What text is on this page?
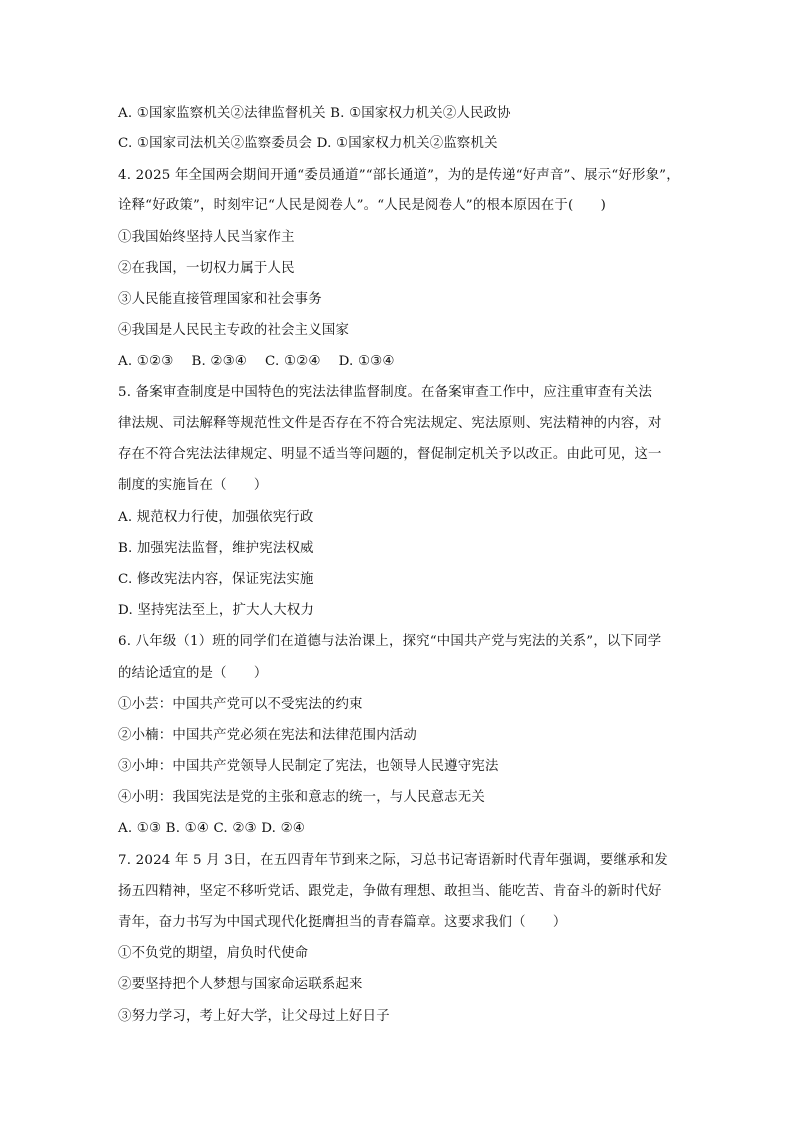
A. ①国家监察机关②法律监督机关 B. ①国家权力机关②人民政协
C. ①国家司法机关②监察委员会 D. ①国家权力机关②监察机关
4. 2025 年全国两会期间开通“委员通道”“部长通道”，为的是传递“好声音”、展示“好形象”，
诠释“好政策”，时刻牢记“人民是阅卷人”。“人民是阅卷人”的根本原因在于(　　)
①我国始终坚持人民当家作主
②在我国，一切权力属于人民
③人民能直接管理国家和社会事务
④我国是人民民主专政的社会主义国家
A. ①②③　 B. ②③④　 C. ①②④　 D. ①③④
5. 备案审查制度是中国特色的宪法法律监督制度。在备案审查工作中，应注重审查有关法
律法规、司法解释等规范性文件是否存在不符合宪法规定、宪法原则、宪法精神的内容，对
存在不符合宪法法律规定、明显不适当等问题的，督促制定机关予以改正。由此可见，这一
制度的实施旨在（　　）
A. 规范权力行使，加强依宪行政
B. 加强宪法监督，维护宪法权威
C. 修改宪法内容，保证宪法实施
D. 坚持宪法至上，扩大人大权力
6. 八年级（1）班的同学们在道德与法治课上，探究“中国共产党与宪法的关系”，以下同学
的结论适宜的是（　　）
①小芸：中国共产党可以不受宪法的约束
②小楠：中国共产党必须在宪法和法律范围内活动
③小坤：中国共产党领导人民制定了宪法，也领导人民遵守宪法
④小明：我国宪法是党的主张和意志的统一，与人民意志无关
A. ①③ B. ①④ C. ②③ D. ②④
7. 2024 年 5 月 3日，在五四青年节到来之际，习总书记寄语新时代青年强调，要继承和发
扬五四精神，坚定不移听党话、跟党走，争做有理想、敢担当、能吃苦、肯奋斗的新时代好
青年，奋力书写为中国式现代化挺膺担当的青春篇章。这要求我们（　　）
①不负党的期望，肩负时代使命
②要坚持把个人梦想与国家命运联系起来
③努力学习，考上好大学，让父母过上好日子
